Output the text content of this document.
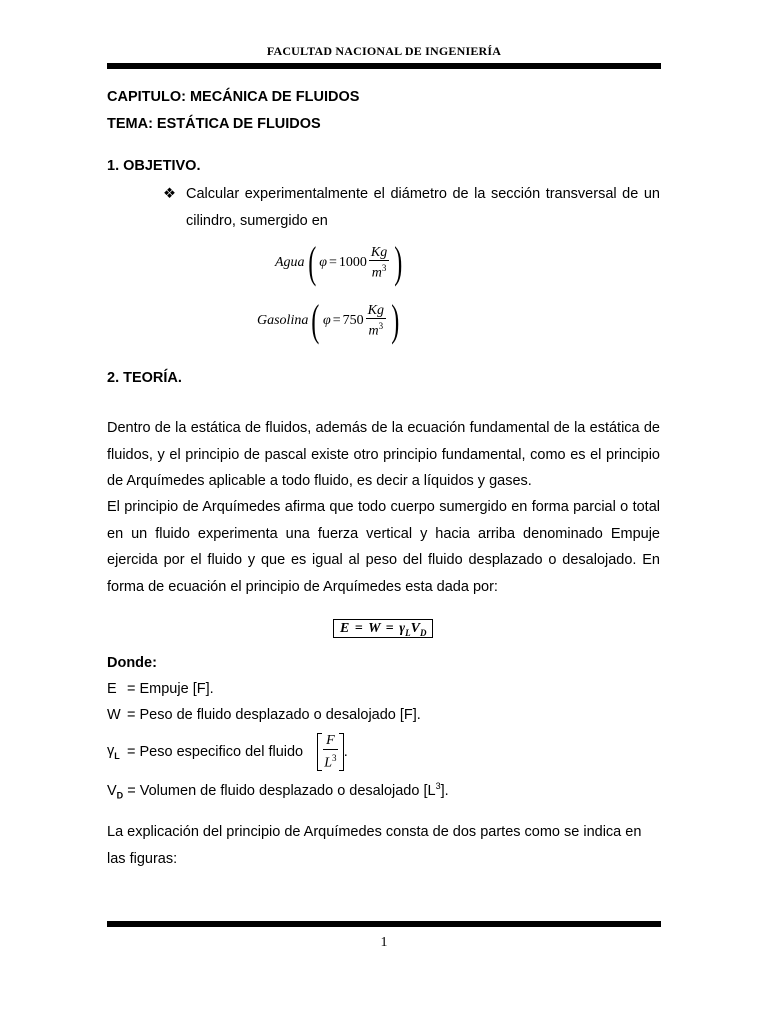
FACULTAD NACIONAL DE INGENIERÍA
CAPITULO: MECÁNICA DE FLUIDOS
TEMA: ESTÁTICA DE FLUIDOS
1. OBJETIVO.
❖ Calcular experimentalmente el diámetro de la sección transversal de un cilindro, sumergido en
Agua ( $\varphi = 1000 \frac{Kg}{m^3}$ )
Gasolina ( $\varphi = 750 \frac{Kg}{m^3}$ )
2. TEORÍA.
Dentro de la estática de fluidos, además de la ecuación fundamental de la estática de fluidos, y el principio de pascal existe otro principio fundamental, como es el principio de Arquímedes aplicable a todo fluido, es decir a líquidos y gases.
El principio de Arquímedes afirma que todo cuerpo sumergido en forma parcial o total en un fluido experimenta una fuerza vertical y hacia arriba denominado Empuje ejercida por el fluido y que es igual al peso del fluido desplazado o desalojado. En forma de ecuación el principio de Arquímedes esta dada por:
$E = W = \gamma_LV_D$
Donde:
E = Empuje [F].
W = Peso de fluido desplazado o desalojado [F].
$\gamma_L$ = Peso especifico del fluido
F
$L^3$ .
$V_D$ = Volumen de fluido desplazado o desalojado $[L^3]$.
La explicación del principio de Arquímedes consta de dos partes como se indica en las figuras:
1
